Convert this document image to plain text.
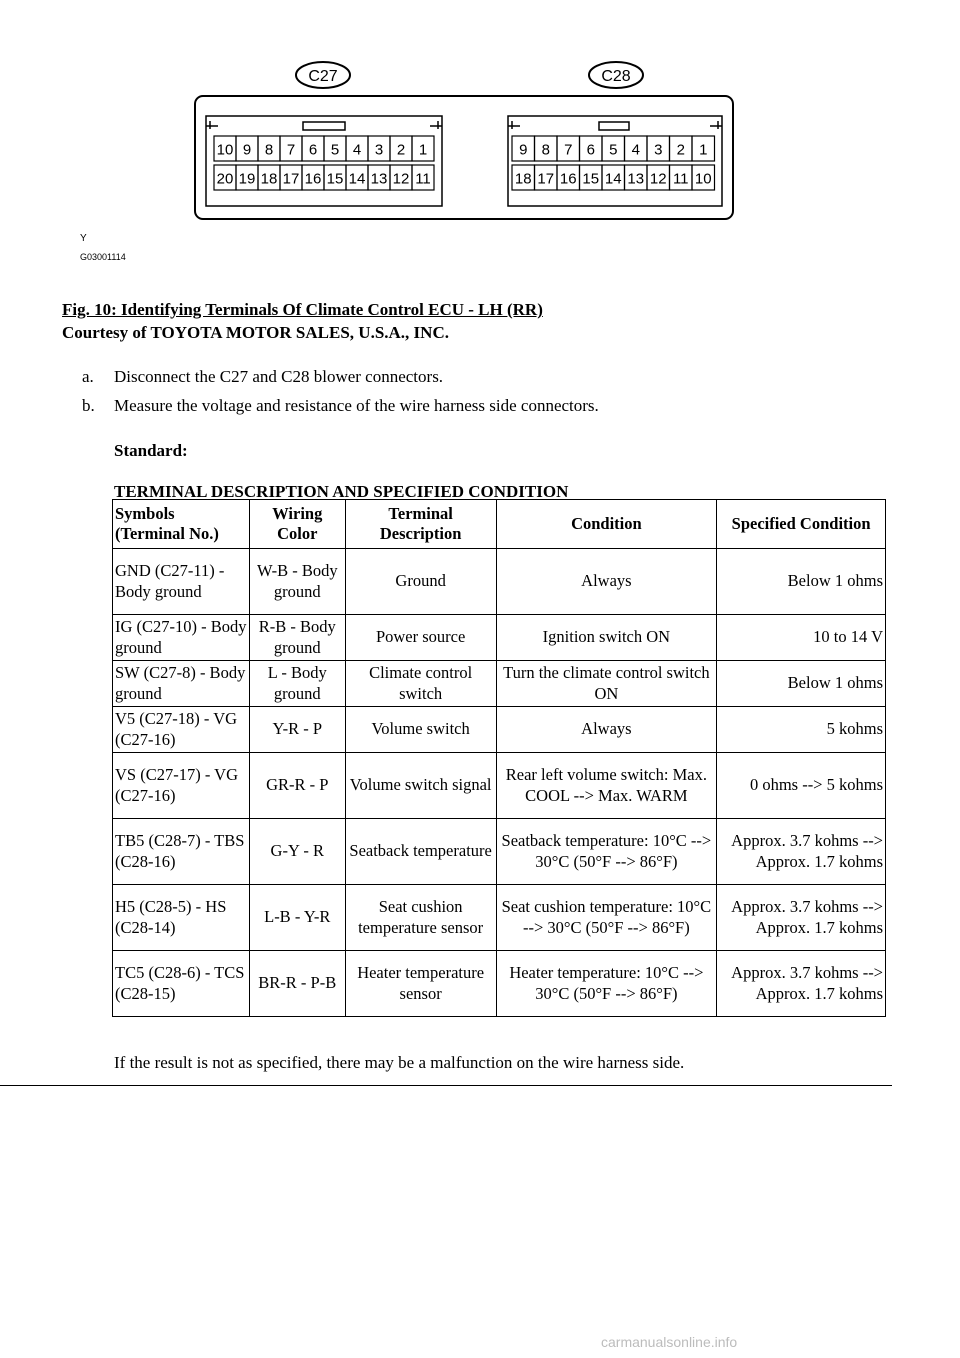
C27	C28
10
20
9
19
8
18
7
17
6
16
5
15
4
14
3
13
2
12
1
11
9
18
8
17
7
16
6
15
5
14
4
13
3
12
2
11
1
10
Y
G03001114
Fig. 10: Identifying Terminals Of Climate Control ECU - LH (RR)
Courtesy of TOYOTA MOTOR SALES, U.S.A., INC.
a. Disconnect the C27 and C28 blower connectors.
b. Measure the voltage and resistance of the wire harness side connectors.
Standard:
TERMINAL DESCRIPTION AND SPECIFIED CONDITION
Symbols (Terminal No.)	Wiring Color	Terminal Description	Condition	Specified Condition
GND (C27-11) - Body ground	W-B - Body ground	Ground	Always	Below 1 ohms
IG (C27-10) - Body ground	R-B - Body ground	Power source	Ignition switch ON	10 to 14 V
SW (C27-8) - Body ground	L - Body ground	Climate control switch	Turn the climate control switch ON	Below 1 ohms
V5 (C27-18) - VG (C27-16)	Y-R - P	Volume switch	Always	5 kohms
VS (C27-17) - VG (C27-16)	GR-R - P	Volume switch signal	Rear left volume switch: Max. COOL --> Max. WARM	0 ohms --> 5 kohms
TB5 (C28-7) - TBS (C28-16)	G-Y - R	Seatback temperature	Seatback temperature: 10°C --> 30°C (50°F --> 86°F)	Approx. 3.7 kohms --> Approx. 1.7 kohms
H5 (C28-5) - HS (C28-14)	L-B - Y-R	Seat cushion temperature sensor	Seat cushion temperature: 10°C --> 30°C (50°F --> 86°F)	Approx. 3.7 kohms --> Approx. 1.7 kohms
TC5 (C28-6) - TCS (C28-15)	BR-R - P-B	Heater temperature sensor	Heater temperature: 10°C --> 30°C (50°F --> 86°F)	Approx. 3.7 kohms --> Approx. 1.7 kohms
If the result is not as specified, there may be a malfunction on the wire harness side.
carmanualsonline.info
